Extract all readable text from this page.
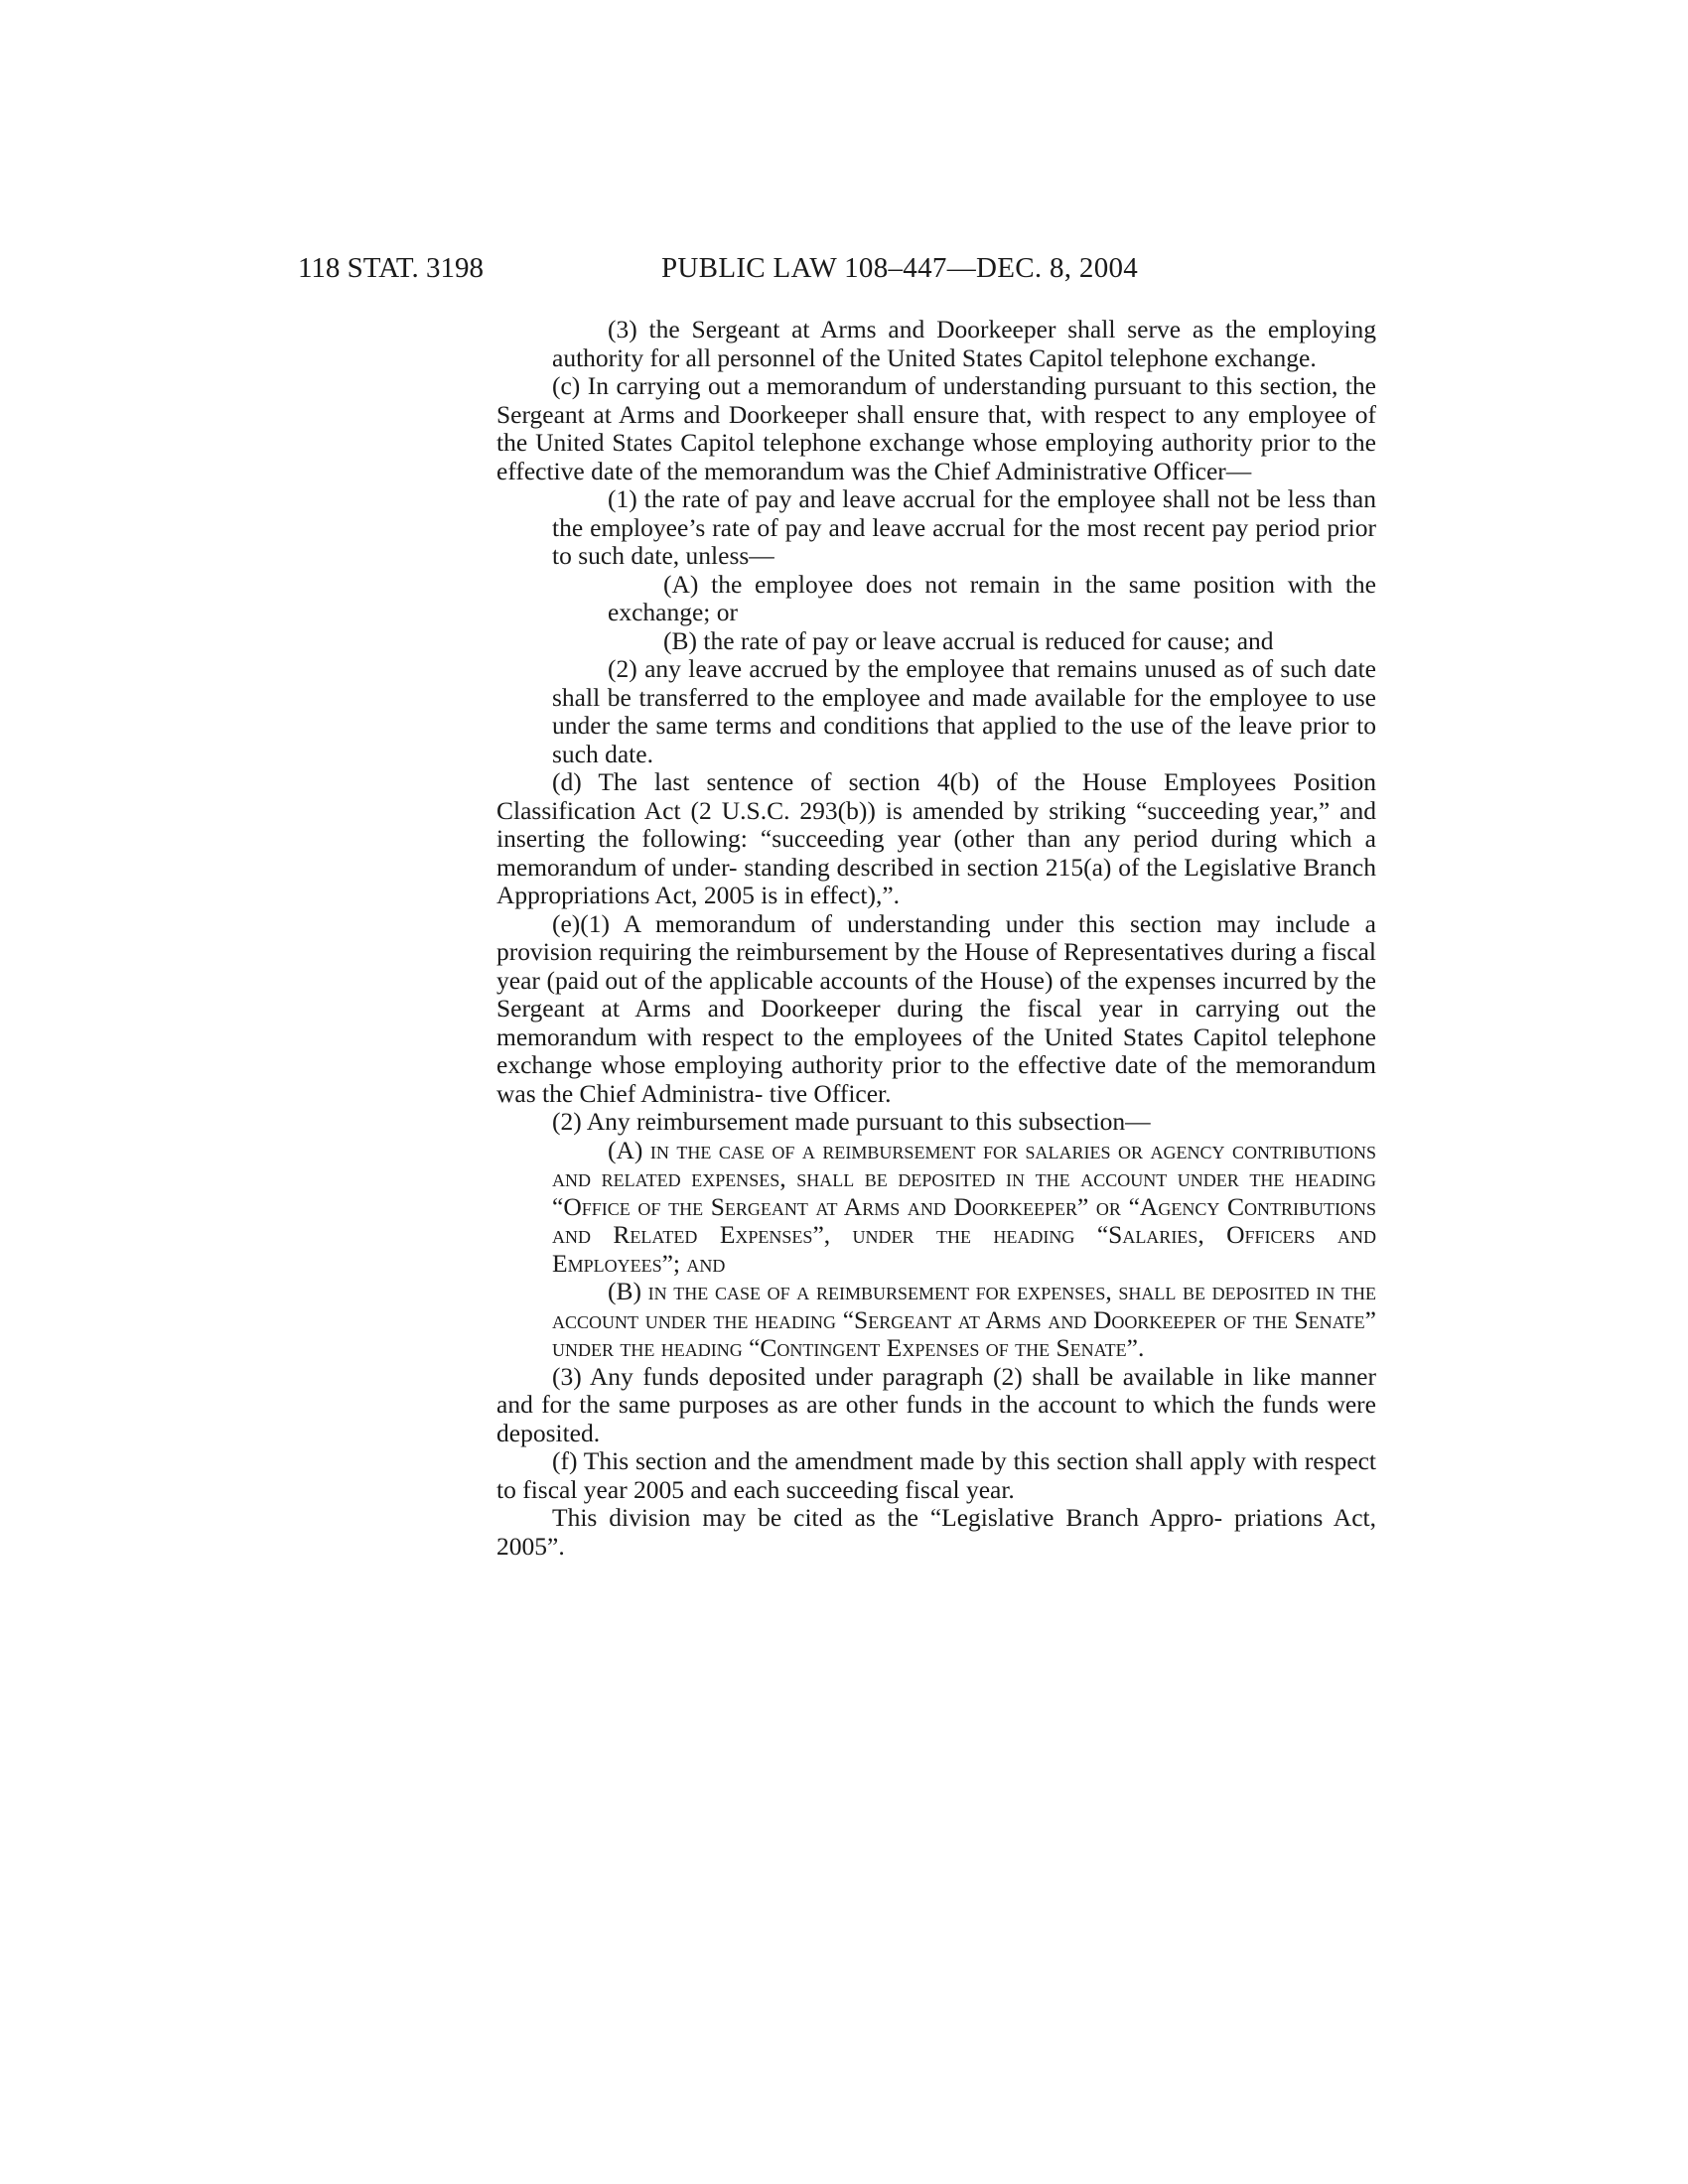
118 STAT. 3198	PUBLIC LAW 108–447—DEC. 8, 2004

(3) the Sergeant at Arms and Doorkeeper shall serve as the employing authority for all personnel of the United States Capitol telephone exchange.

(c) In carrying out a memorandum of understanding pursuant to this section, the Sergeant at Arms and Doorkeeper shall ensure that, with respect to any employee of the United States Capitol telephone exchange whose employing authority prior to the effective date of the memorandum was the Chief Administrative Officer—

(1) the rate of pay and leave accrual for the employee shall not be less than the employee’s rate of pay and leave accrual for the most recent pay period prior to such date, unless—

(A) the employee does not remain in the same position with the exchange; or

(B) the rate of pay or leave accrual is reduced for cause; and

(2) any leave accrued by the employee that remains unused as of such date shall be transferred to the employee and made available for the employee to use under the same terms and conditions that applied to the use of the leave prior to such date.

(d) The last sentence of section 4(b) of the House Employees Position Classification Act (2 U.S.C. 293(b)) is amended by striking “succeeding year,” and inserting the following: “succeeding year (other than any period during which a memorandum of under- standing described in section 215(a) of the Legislative Branch Appropriations Act, 2005 is in effect),”.

(e)(1) A memorandum of understanding under this section may include a provision requiring the reimbursement by the House of Representatives during a fiscal year (paid out of the applicable accounts of the House) of the expenses incurred by the Sergeant at Arms and Doorkeeper during the fiscal year in carrying out the memorandum with respect to the employees of the United States Capitol telephone exchange whose employing authority prior to the effective date of the memorandum was the Chief Administra- tive Officer.

(2) Any reimbursement made pursuant to this subsection—

(A) in the case of a reimbursement for salaries or agency contributions and related expenses, shall be deposited in the account under the heading “Office of the Sergeant at Arms and Doorkeeper” or “Agency Contributions and Related Expenses”, under the heading “Salaries, Officers and Employees”; and

(B) in the case of a reimbursement for expenses, shall be deposited in the account under the heading “Sergeant at Arms and Doorkeeper of the Senate” under the heading “Contingent Expenses of the Senate”.

(3) Any funds deposited under paragraph (2) shall be available in like manner and for the same purposes as are other funds in the account to which the funds were deposited.

(f) This section and the amendment made by this section shall apply with respect to fiscal year 2005 and each succeeding fiscal year.

This division may be cited as the “Legislative Branch Appro- priations Act, 2005”.
